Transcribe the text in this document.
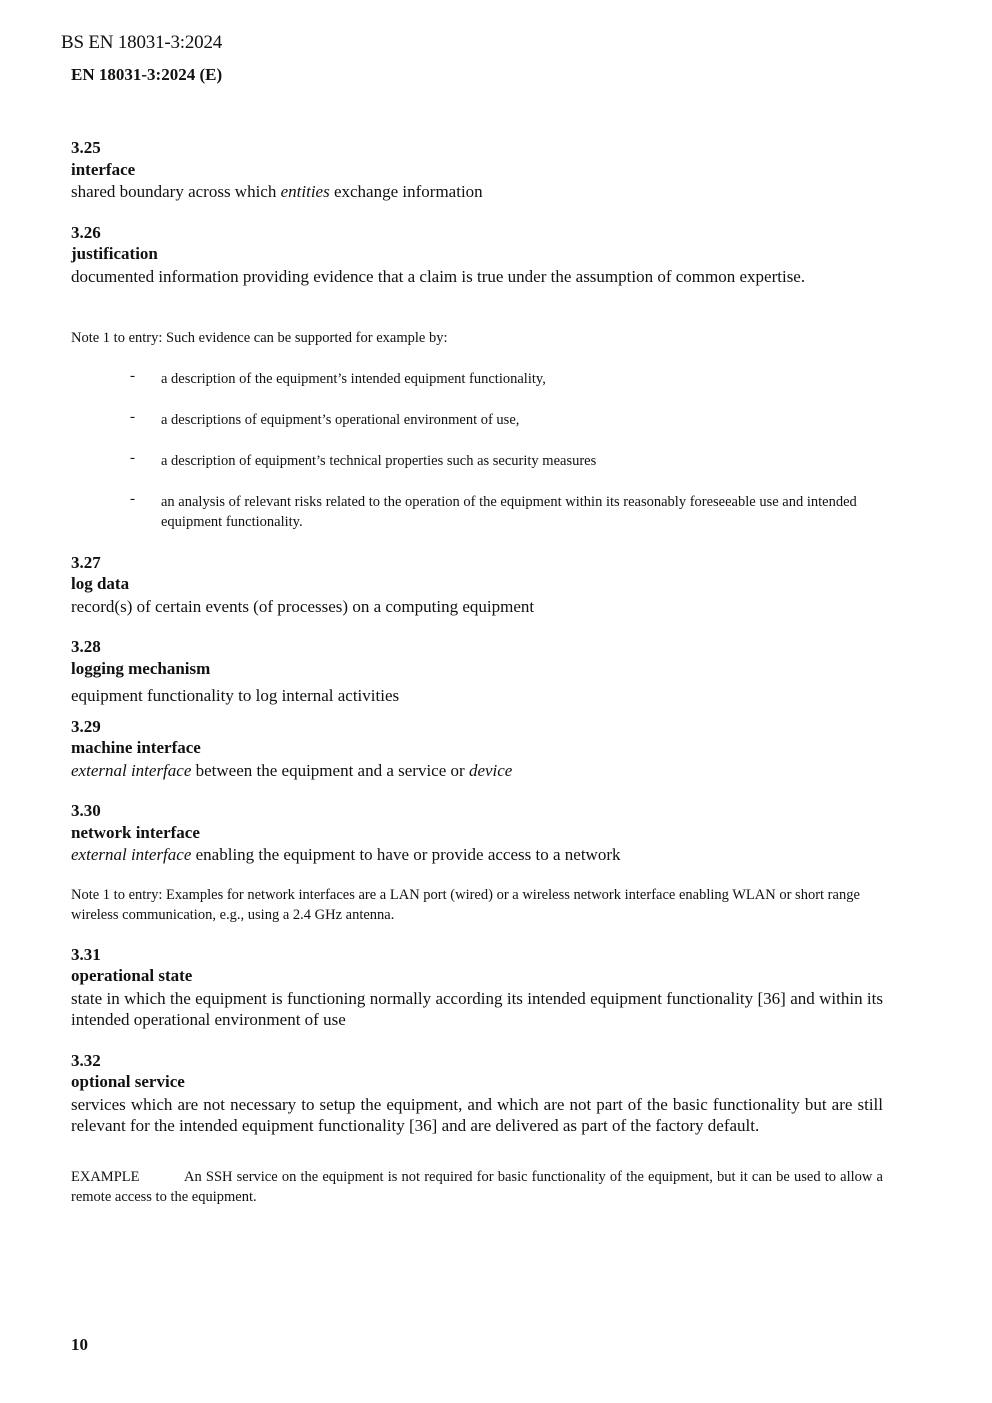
BS EN 18031-3:2024
EN 18031-3:2024 (E)
3.25
interface
shared boundary across which entities exchange information
3.26
justification
documented information providing evidence that a claim is true under the assumption of common expertise.
Note 1 to entry: Such evidence can be supported for example by:
- a description of the equipment’s intended equipment functionality,
- a descriptions of equipment’s operational environment of use,
- a description of equipment’s technical properties such as security measures
- an analysis of relevant risks related to the operation of the equipment within its reasonably foreseeable use and intended equipment functionality.
3.27
log data
record(s) of certain events (of processes) on a computing equipment
3.28
logging mechanism
equipment functionality to log internal activities
3.29
machine interface
external interface between the equipment and a service or device
3.30
network interface
external interface enabling the equipment to have or provide access to a network
Note 1 to entry: Examples for network interfaces are a LAN port (wired) or a wireless network interface enabling WLAN or short range wireless communication, e.g., using a 2.4 GHz antenna.
3.31
operational state
state in which the equipment is functioning normally according its intended equipment functionality [36] and within its intended operational environment of use
3.32
optional service
services which are not necessary to setup the equipment, and which are not part of the basic functionality but are still relevant for the intended equipment functionality [36] and are delivered as part of the factory default.
EXAMPLE	An SSH service on the equipment is not required for basic functionality of the equipment, but it can be used to allow a remote access to the equipment.
10
